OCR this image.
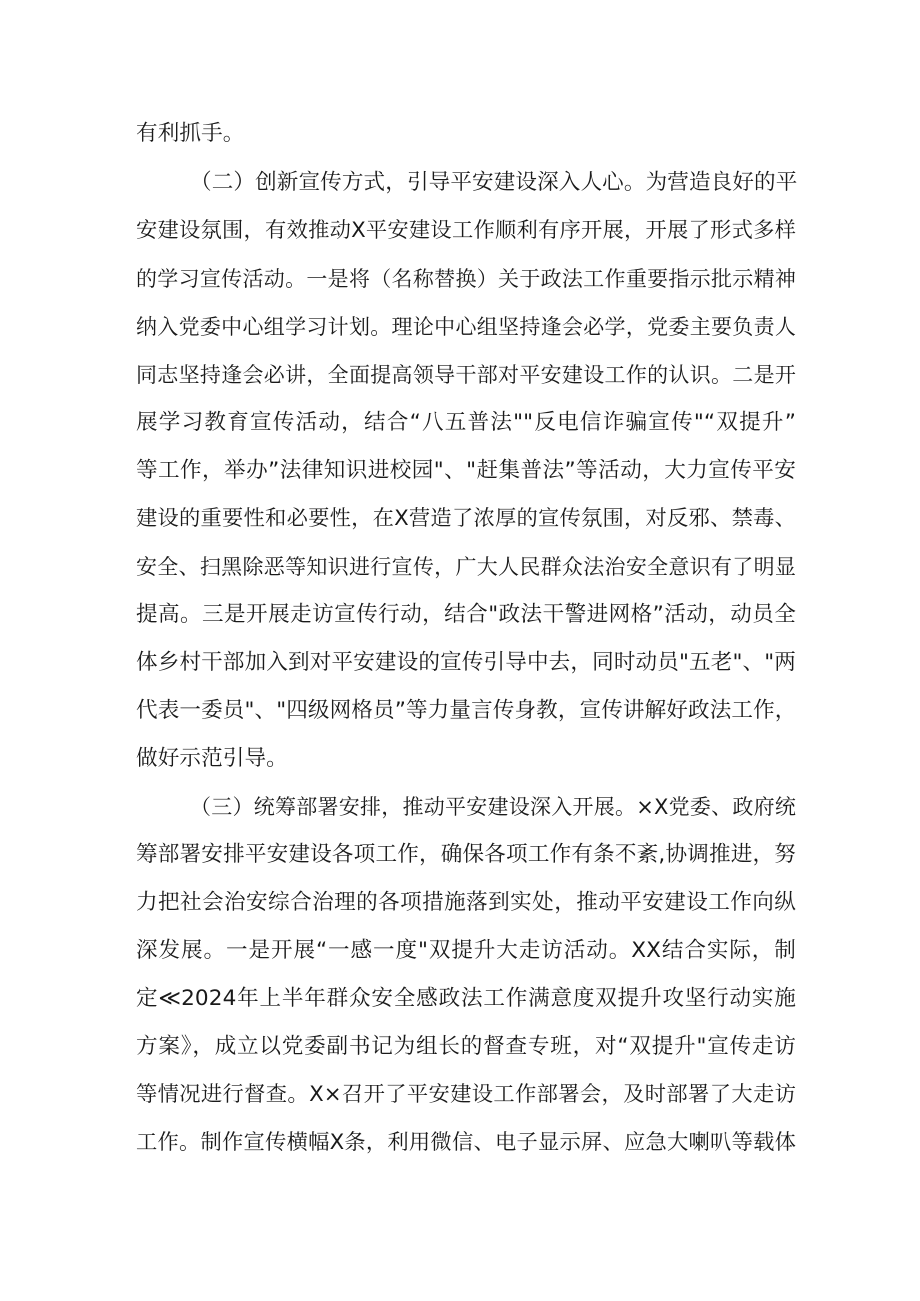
有利抓手。
（二）创新宣传方式，引导平安建设深入人心。为营造良好的平
安建设氛围，有效推动X平安建设工作顺利有序开展，开展了形式多样
的学习宣传活动。一是将（名称替换）关于政法工作重要指示批示精神
纳入党委中心组学习计划。理论中心组坚持逢会必学，党委主要负责人
同志坚持逢会必讲，全面提高领导干部对平安建设工作的认识。二是开
展学习教育宣传活动，结合“八五普法""反电信诈骗宣传"“双提升”
等工作，举办”法律知识进校园"、"赶集普法”等活动，大力宣传平安
建设的重要性和必要性，在X营造了浓厚的宣传氛围，对反邪、禁毒、
安全、扫黑除恶等知识进行宣传，广大人民群众法治安全意识有了明显
提高。三是开展走访宣传行动，结合"政法干警进网格”活动，动员全
体乡村干部加入到对平安建设的宣传引导中去，同时动员"五老"、"两
代表一委员"、"四级网格员”等力量言传身教，宣传讲解好政法工作，
做好示范引导。
（三）统筹部署安排，推动平安建设深入开展。×X党委、政府统
筹部署安排平安建设各项工作，确保各项工作有条不紊,协调推进，努
力把社会治安综合治理的各项措施落到实处，推动平安建设工作向纵
深发展。一是开展“一感一度"双提升大走访活动。XX结合实际，制
定≪2024年上半年群众安全感政法工作满意度双提升攻坚行动实施
方案》，成立以党委副书记为组长的督查专班，对“双提升"宣传走访
等情况进行督查。X×召开了平安建设工作部署会，及时部署了大走访
工作。制作宣传横幅X条，利用微信、电子显示屏、应急大喇叭等载体
